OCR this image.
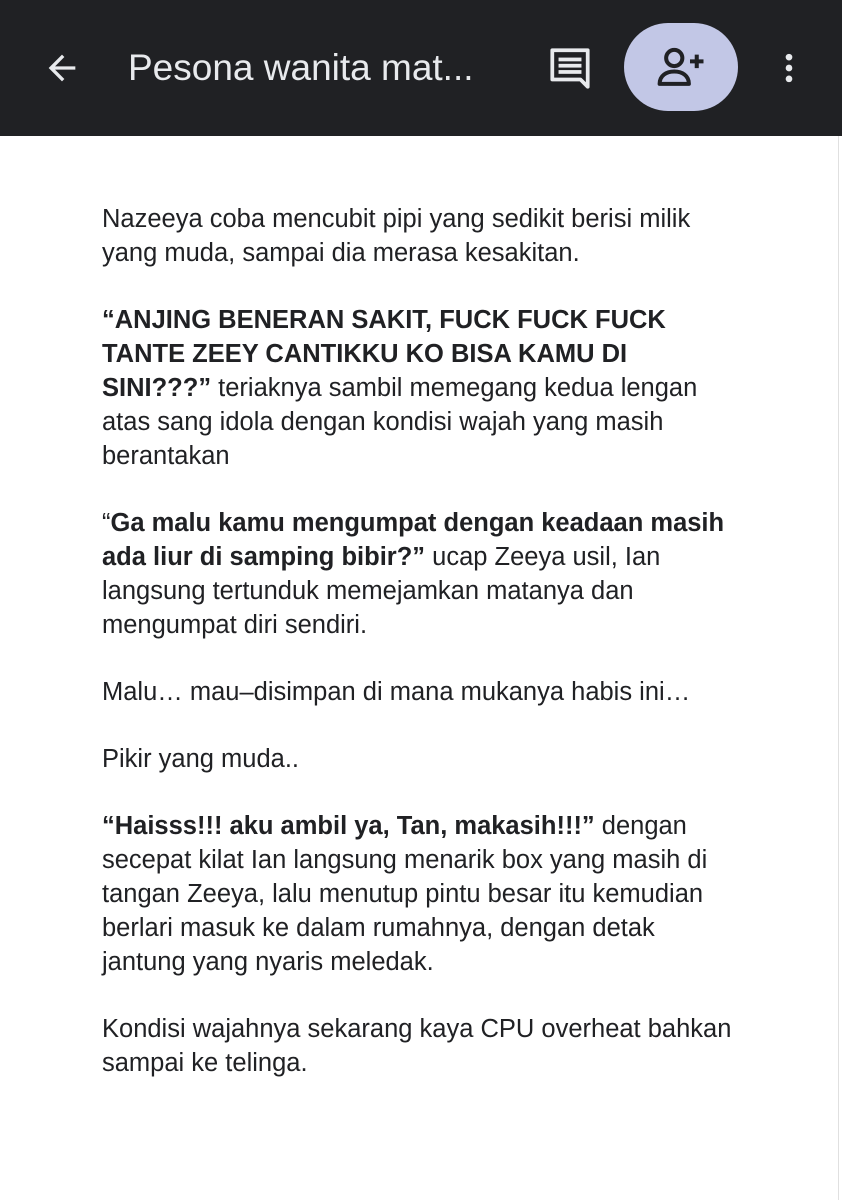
Pesona wanita mat...

Nazeeya coba mencubit pipi yang sedikit berisi milik yang muda, sampai dia merasa kesakitan.

“ANJING BENERAN SAKIT, FUCK FUCK FUCK TANTE ZEEY CANTIKKU KO BISA KAMU DI SINI???” teriaknya sambil memegang kedua lengan atas sang idola dengan kondisi wajah yang masih berantakan

“Ga malu kamu mengumpat dengan keadaan masih ada liur di samping bibir?” ucap Zeeya usil, Ian langsung tertunduk memejamkan matanya dan mengumpat diri sendiri.

Malu… mau–disimpan di mana mukanya habis ini…

Pikir yang muda..

“Haisss!!! aku ambil ya, Tan, makasih!!!” dengan secepat kilat Ian langsung menarik box yang masih di tangan Zeeya, lalu menutup pintu besar itu kemudian berlari masuk ke dalam rumahnya, dengan detak jantung yang nyaris meledak.

Kondisi wajahnya sekarang kaya CPU overheat bahkan sampai ke telinga.
